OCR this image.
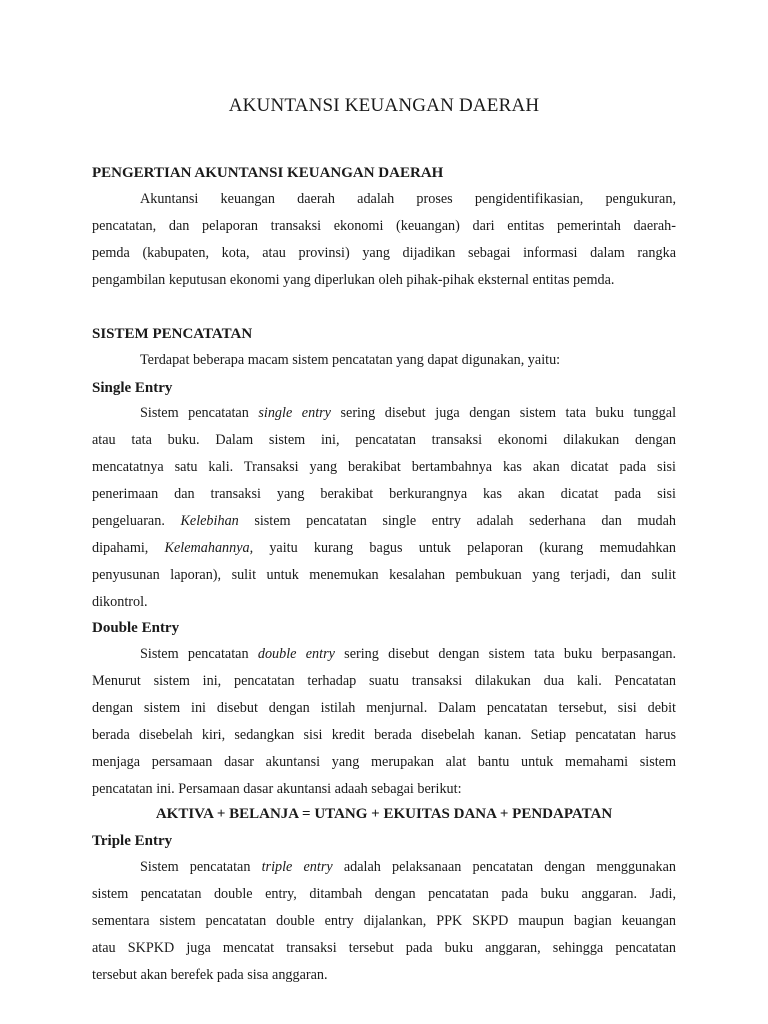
AKUNTANSI KEUANGAN DAERAH
PENGERTIAN AKUNTANSI KEUANGAN DAERAH

Akuntansi keuangan daerah adalah proses pengidentifikasian, pengukuran,
pencatatan, dan pelaporan transaksi ekonomi (keuangan) dari entitas pemerintah daerah-
pemda (kabupaten, kota, atau provinsi) yang dijadikan sebagai informasi dalam rangka
pengambilan keputusan ekonomi yang diperlukan oleh pihak-pihak eksternal entitas pemda.

SISTEM PENCATATAN

Terdapat beberapa macam sistem pencatatan yang dapat digunakan, yaitu:

Single Entry

Sistem pencatatan single entry sering disebut juga dengan sistem tata buku tunggal
atau tata buku. Dalam sistem ini, pencatatan transaksi ekonomi dilakukan dengan
mencatatnya satu kali. Transaksi yang berakibat bertambahnya kas akan dicatat pada sisi
penerimaan dan transaksi yang berakibat berkurangnya kas akan dicatat pada sisi
pengeluaran. Kelebihan sistem pencatatan single entry adalah sederhana dan mudah
dipahami, Kelemahannya, yaitu kurang bagus untuk pelaporan (kurang memudahkan
penyusunan laporan), sulit untuk menemukan kesalahan pembukuan yang terjadi, dan sulit
dikontrol.

Double Entry

Sistem pencatatan double entry sering disebut dengan sistem tata buku berpasangan.
Menurut sistem ini, pencatatan terhadap suatu transaksi dilakukan dua kali. Pencatatan
dengan sistem ini disebut dengan istilah menjurnal. Dalam pencatatan tersebut, sisi debit
berada disebelah kiri, sedangkan sisi kredit berada disebelah kanan. Setiap pencatatan harus
menjaga persamaan dasar akuntansi yang merupakan alat bantu untuk memahami sistem
pencatatan ini. Persamaan dasar akuntansi adaah sebagai berikut:

AKTIVA + BELANJA = UTANG + EKUITAS DANA + PENDAPATAN

Triple Entry

Sistem pencatatan triple entry adalah pelaksanaan pencatatan dengan menggunakan
sistem pencatatan double entry, ditambah dengan pencatatan pada buku anggaran. Jadi,
sementara sistem pencatatan double entry dijalankan, PPK SKPD maupun bagian keuangan
atau SKPKD juga mencatat transaksi tersebut pada buku anggaran, sehingga pencatatan
tersebut akan berefek pada sisa anggaran.
